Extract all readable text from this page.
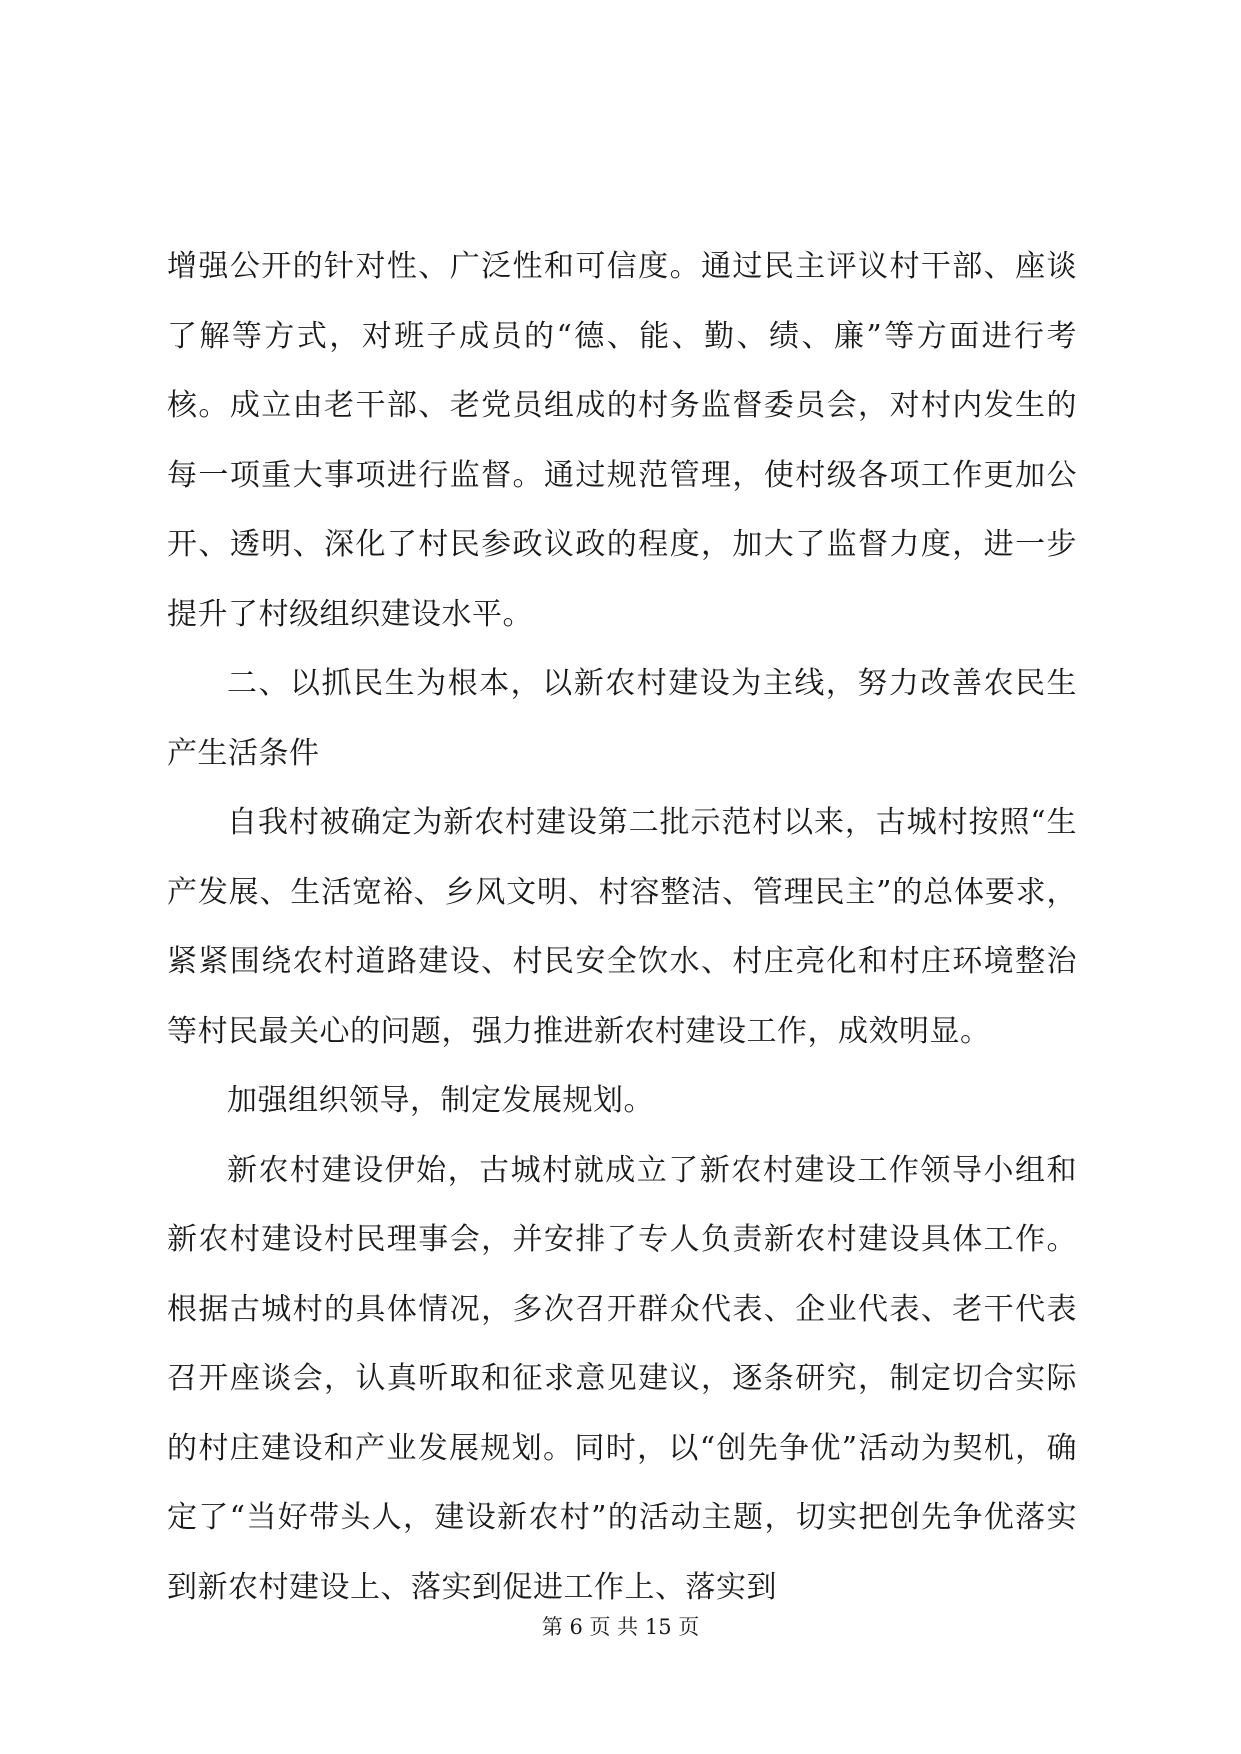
增强公开的针对性、广泛性和可信度。通过民主评议村干部、座谈了解等方式，对班子成员的“德、能、勤、绩、廉”等方面进行考核。成立由老干部、老党员组成的村务监督委员会，对村内发生的每一项重大事项进行监督。通过规范管理，使村级各项工作更加公开、透明、深化了村民参政议政的程度，加大了监督力度，进一步提升了村级组织建设水平。

二、以抓民生为根本，以新农村建设为主线，努力改善农民生产生活条件

自我村被确定为新农村建设第二批示范村以来，古城村按照“生产发展、生活宽裕、乡风文明、村容整洁、管理民主”的总体要求，紧紧围绕农村道路建设、村民安全饮水、村庄亮化和村庄环境整治等村民最关心的问题，强力推进新农村建设工作，成效明显。

加强组织领导，制定发展规划。

新农村建设伊始，古城村就成立了新农村建设工作领导小组和新农村建设村民理事会，并安排了专人负责新农村建设具体工作。根据古城村的具体情况，多次召开群众代表、企业代表、老干代表召开座谈会，认真听取和征求意见建议，逐条研究，制定切合实际的村庄建设和产业发展规划。同时，以“创先争优”活动为契机，确定了“当好带头人，建设新农村”的活动主题，切实把创先争优落实到新农村建设上、落实到促进工作上、落实到

第 6 页 共 15 页
